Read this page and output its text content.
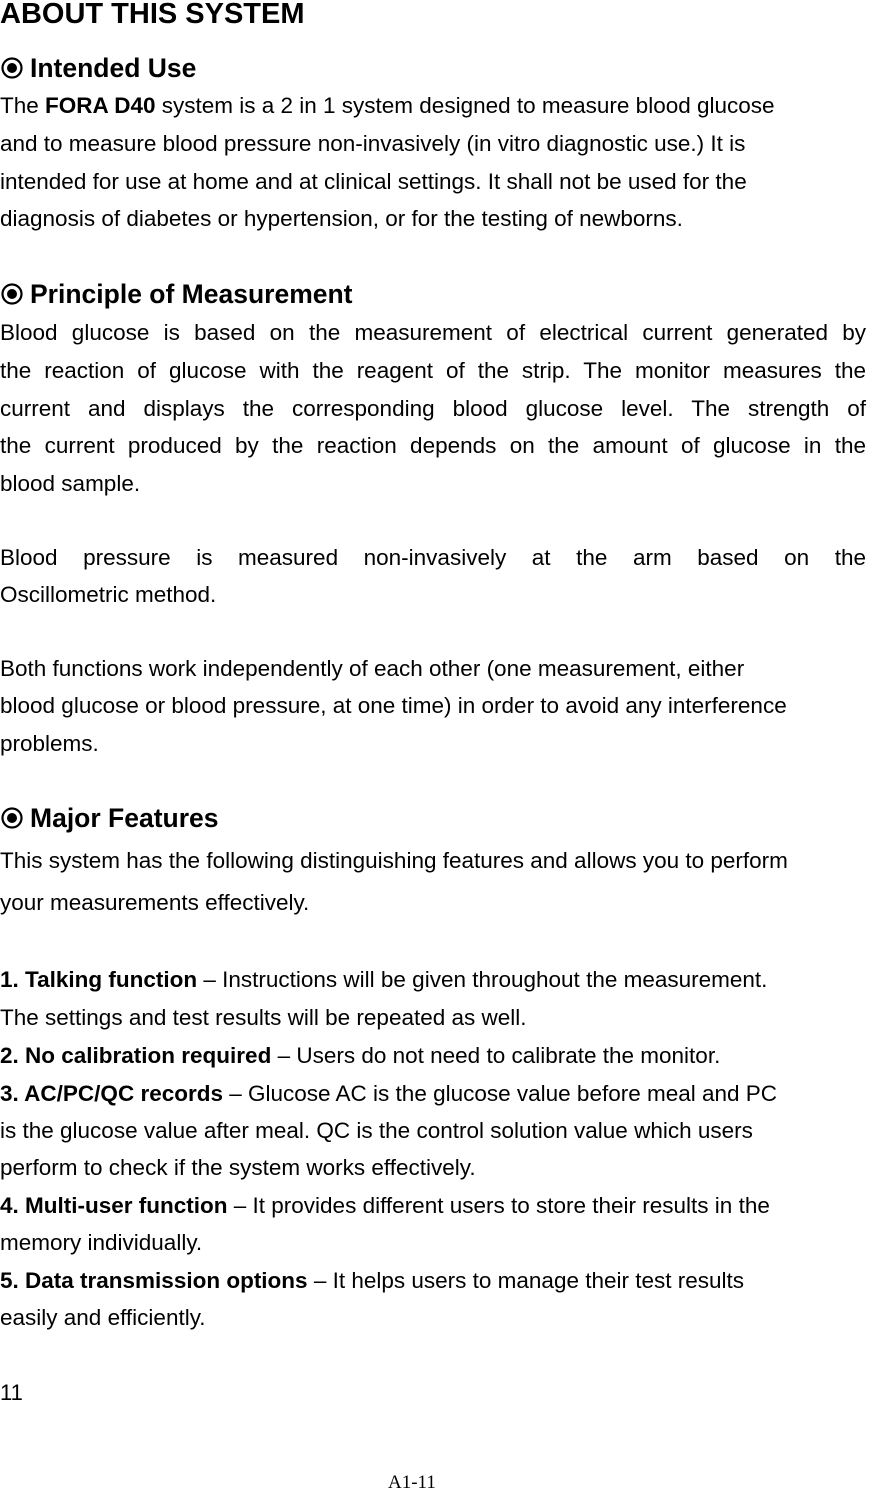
ABOUT THIS SYSTEM
Intended Use
The FORA D40 system is a 2 in 1 system designed to measure blood glucose
and to measure blood pressure non-invasively (in vitro diagnostic use.) It is
intended for use at home and at clinical settings. It shall not be used for the
diagnosis of diabetes or hypertension, or for the testing of newborns.
Principle of Measurement
Blood glucose is based on the measurement of electrical current generated by
the reaction of glucose with the reagent of the strip. The monitor measures the
current and displays the corresponding blood glucose level. The strength of
the current produced by the reaction depends on the amount of glucose in the
blood sample.
Blood pressure is measured non-invasively at the arm based on the
Oscillometric method.
Both functions work independently of each other (one measurement, either
blood glucose or blood pressure, at one time) in order to avoid any interference
problems.
Major Features
This system has the following distinguishing features and allows you to perform
your measurements effectively.
1. Talking function – Instructions will be given throughout the measurement.
The settings and test results will be repeated as well.
2. No calibration required – Users do not need to calibrate the monitor.
3. AC/PC/QC records – Glucose AC is the glucose value before meal and PC
is the glucose value after meal. QC is the control solution value which users
perform to check if the system works effectively.
4. Multi-user function – It provides different users to store their results in the
memory individually.
5. Data transmission options – It helps users to manage their test results
easily and efficiently.
11
A1-11
